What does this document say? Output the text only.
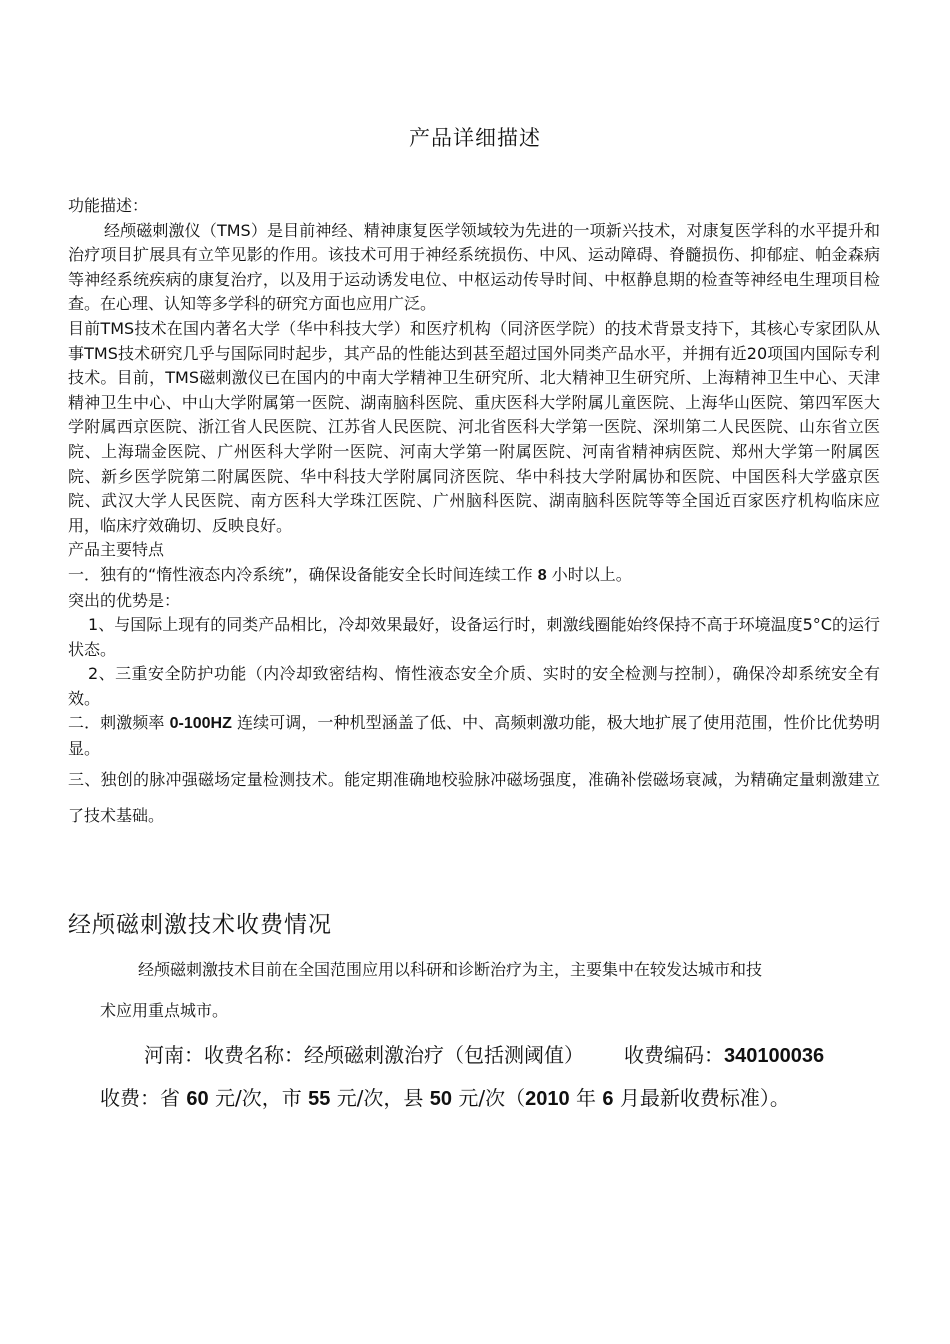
产品详细描述

功能描述：

经颅磁刺激仪（TMS）是目前神经、精神康复医学领域较为先进的一项新兴技术，对康复医学科的水平提升和治疗项目扩展具有立竿见影的作用。该技术可用于神经系统损伤、中风、运动障碍、脊髓损伤、抑郁症、帕金森病等神经系统疾病的康复治疗，以及用于运动诱发电位、中枢运动传导时间、中枢静息期的检查等神经电生理项目检查。在心理、认知等多学科的研究方面也应用广泛。

目前TMS技术在国内著名大学（华中科技大学）和医疗机构（同济医学院）的技术背景支持下，其核心专家团队从事TMS技术研究几乎与国际同时起步，其产品的性能达到甚至超过国外同类产品水平，并拥有近20项国内国际专利技术。目前，TMS磁刺激仪已在国内的中南大学精神卫生研究所、北大精神卫生研究所、上海精神卫生中心、天津精神卫生中心、中山大学附属第一医院、湖南脑科医院、重庆医科大学附属儿童医院、上海华山医院、第四军医大学附属西京医院、浙江省人民医院、江苏省人民医院、河北省医科大学第一医院、深圳第二人民医院、山东省立医院、上海瑞金医院、广州医科大学附一医院、河南大学第一附属医院、河南省精神病医院、郑州大学第一附属医院、新乡医学院第二附属医院、华中科技大学附属同济医院、华中科技大学附属协和医院、中国医科大学盛京医院、武汉大学人民医院、南方医科大学珠江医院、广州脑科医院、湖南脑科医院等等全国近百家医疗机构临床应用，临床疗效确切、反映良好。

产品主要特点

一．独有的“惰性液态内冷系统”，确保设备能安全长时间连续工作 8 小时以上。

突出的优势是：

1、与国际上现有的同类产品相比，冷却效果最好，设备运行时，刺激线圈能始终保持不高于环境温度5°C的运行状态。

2、三重安全防护功能（内冷却致密结构、惰性液态安全介质、实时的安全检测与控制），确保冷却系统安全有效。

二．刺激频率 0-100HZ 连续可调，一种机型涵盖了低、中、高频刺激功能，极大地扩展了使用范围，性价比优势明显。

三、独创的脉冲强磁场定量检测技术。能定期准确地校验脉冲磁场强度，准确补偿磁场衰减，为精确定量刺激建立了技术基础。

经颅磁刺激技术收费情况

经颅磁刺激技术目前在全国范围应用以科研和诊断治疗为主，主要集中在较发达城市和技

术应用重点城市。

河南：收费名称：经颅磁刺激治疗（包括测阈值） 收费编码：340100036

收费：省 60 元/次，市 55 元/次，县 50 元/次（2010 年 6 月最新收费标准）。
